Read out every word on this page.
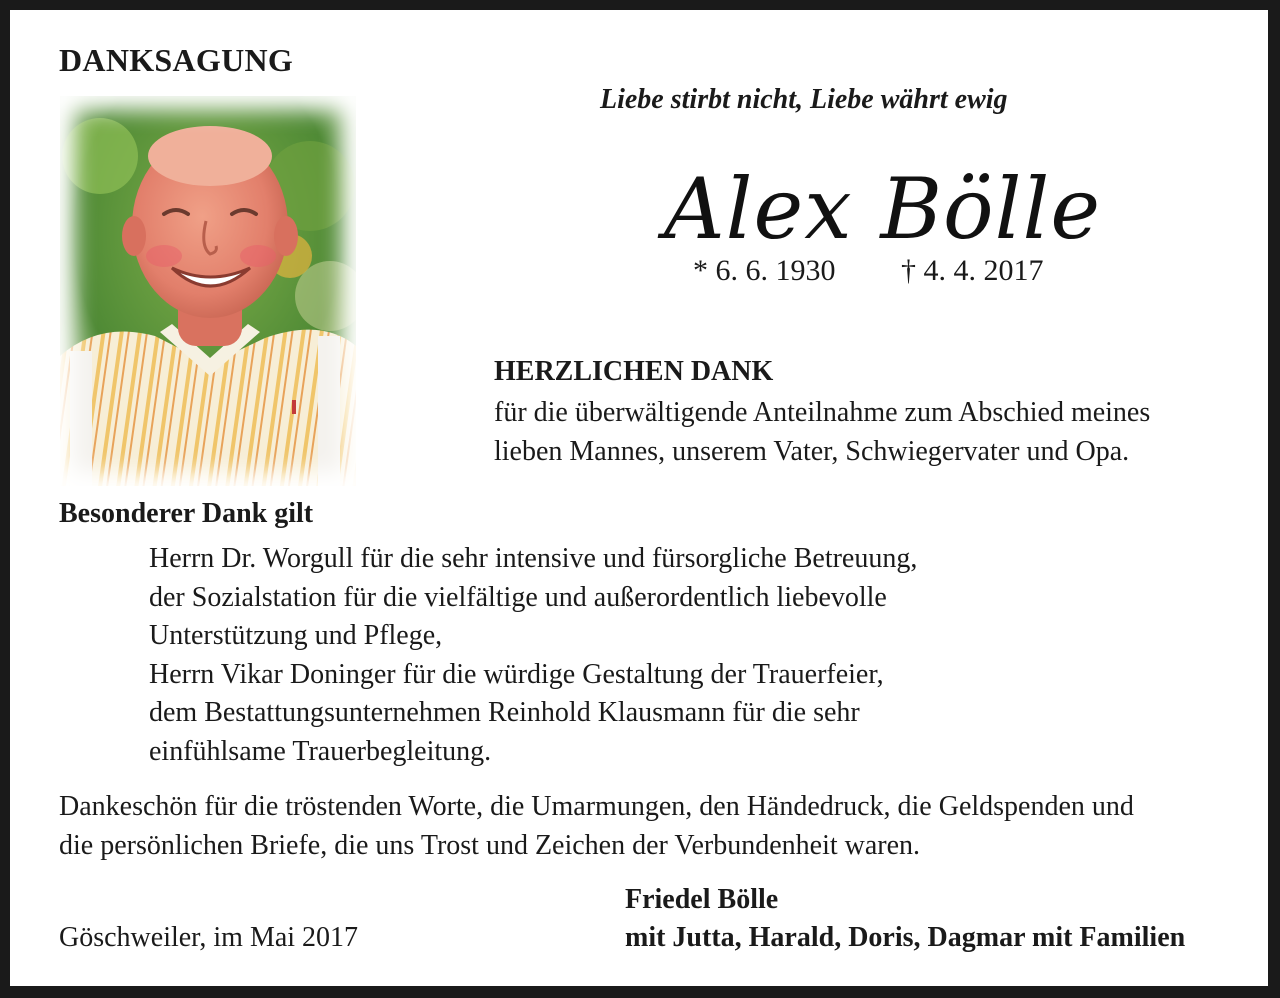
DANKSAGUNG
Liebe stirbt nicht, Liebe währt ewig
Alex Bölle
* 6. 6. 1930 † 4. 4. 2017
HERZLICHEN DANK
für die überwältigende Anteilnahme zum Abschied meines
lieben Mannes, unserem Vater, Schwiegervater und Opa.
Besonderer Dank gilt
Herrn Dr. Worgull für die sehr intensive und fürsorgliche Betreuung,
der Sozialstation für die vielfältige und außerordentlich liebevolle
Unterstützung und Pflege,
Herrn Vikar Doninger für die würdige Gestaltung der Trauerfeier,
dem Bestattungsunternehmen Reinhold Klausmann für die sehr
einfühlsame Trauerbegleitung.
Dankeschön für die tröstenden Worte, die Umarmungen, den Händedruck, die Geldspenden und
die persönlichen Briefe, die uns Trost und Zeichen der Verbundenheit waren.
Friedel Bölle
Göschweiler, im Mai 2017	mit Jutta, Harald, Doris, Dagmar mit Familien
